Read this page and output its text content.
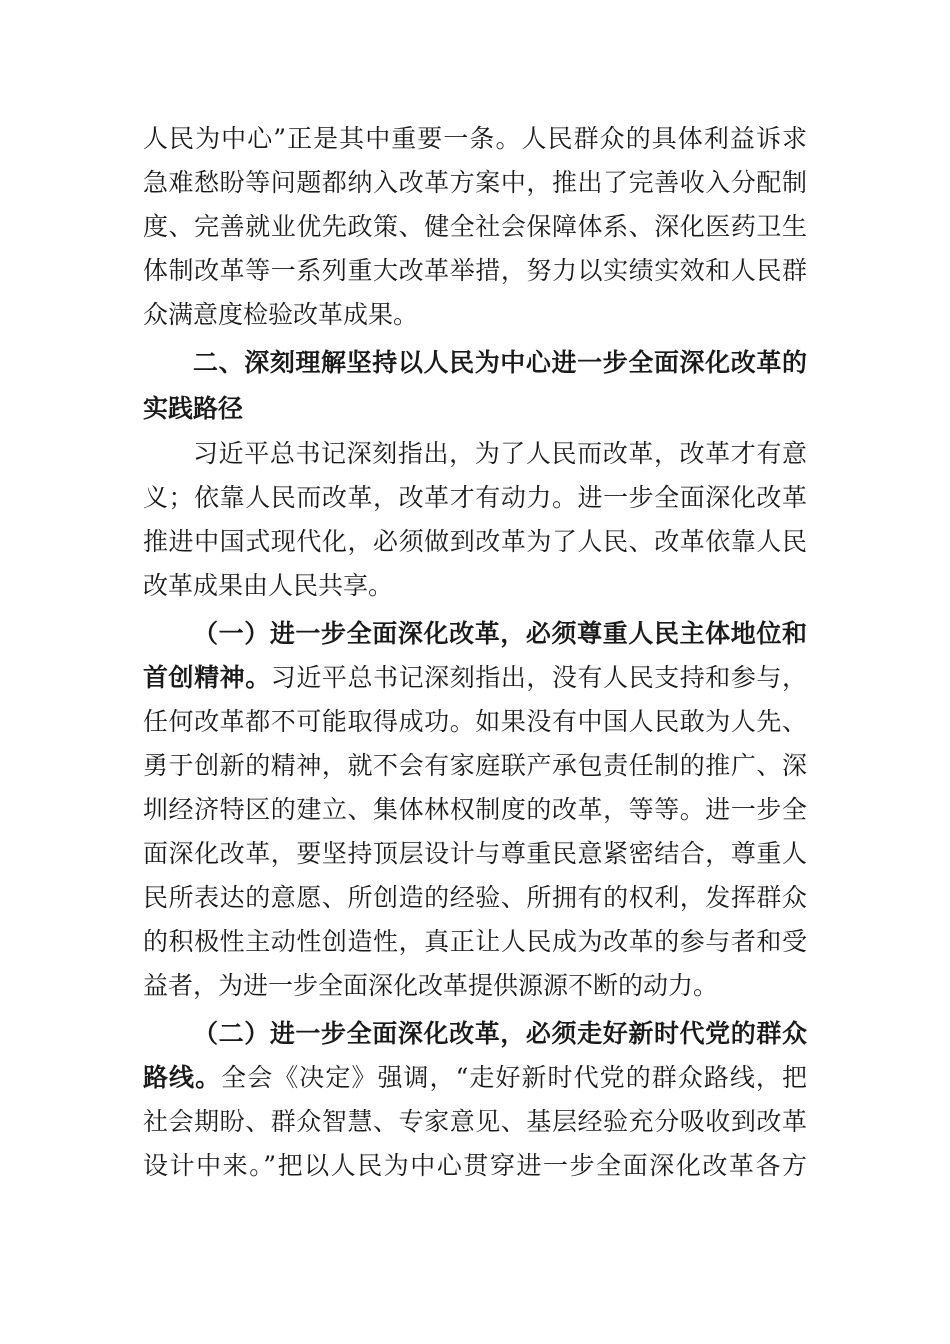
人民为中心”正是其中重要一条。人民群众的具体利益诉求
急难愁盼等问题都纳入改革方案中，推出了完善收入分配制
度、完善就业优先政策、健全社会保障体系、深化医药卫生
体制改革等一系列重大改革举措，努力以实绩实效和人民群
众满意度检验改革成果。
二、深刻理解坚持以人民为中心进一步全面深化改革的
实践路径
习近平总书记深刻指出，为了人民而改革，改革才有意
义；依靠人民而改革，改革才有动力。进一步全面深化改革
推进中国式现代化，必须做到改革为了人民、改革依靠人民
改革成果由人民共享。
（一）进一步全面深化改革，必须尊重人民主体地位和
首创精神。习近平总书记深刻指出，没有人民支持和参与，
任何改革都不可能取得成功。如果没有中国人民敢为人先、
勇于创新的精神，就不会有家庭联产承包责任制的推广、深
圳经济特区的建立、集体林权制度的改革，等等。进一步全
面深化改革，要坚持顶层设计与尊重民意紧密结合，尊重人
民所表达的意愿、所创造的经验、所拥有的权利，发挥群众
的积极性主动性创造性，真正让人民成为改革的参与者和受
益者，为进一步全面深化改革提供源源不断的动力。
（二）进一步全面深化改革，必须走好新时代党的群众
路线。全会《决定》强调，“走好新时代党的群众路线，把
社会期盼、群众智慧、专家意见、基层经验充分吸收到改革
设计中来。”把以人民为中心贯穿进一步全面深化改革各方
